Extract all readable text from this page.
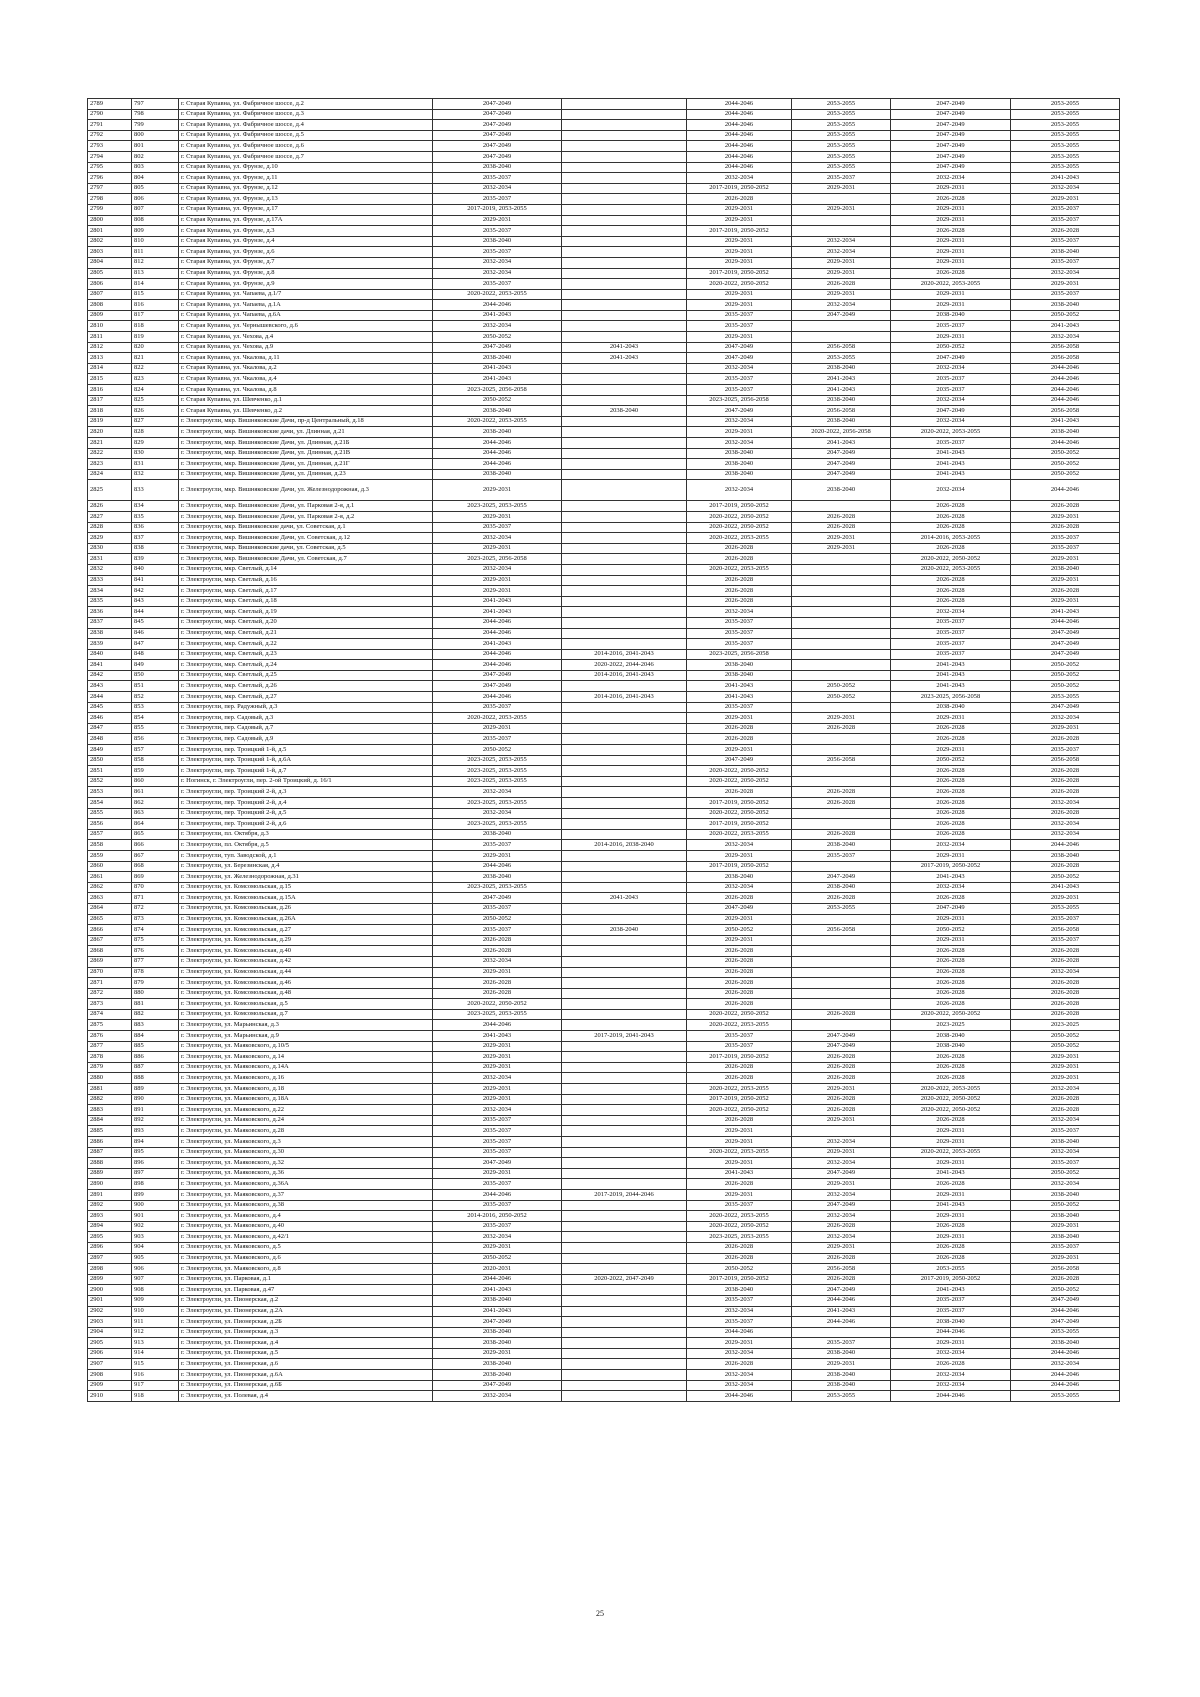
2789	797	г. Старая Купавна, ул. Фабричное шоссе, д.2	2047-2049		2044-2046	2053-2055	2047-2049	2053-2055
2790	798	г. Старая Купавна, ул. Фабричное шоссе, д.3	2047-2049		2044-2046	2053-2055	2047-2049	2053-2055
2791	799	г. Старая Купавна, ул. Фабричное шоссе, д.4	2047-2049		2044-2046	2053-2055	2047-2049	2053-2055
2792	800	г. Старая Купавна, ул. Фабричное шоссе, д.5	2047-2049		2044-2046	2053-2055	2047-2049	2053-2055
2793	801	г. Старая Купавна, ул. Фабричное шоссе, д.6	2047-2049		2044-2046	2053-2055	2047-2049	2053-2055
2794	802	г. Старая Купавна, ул. Фабричное шоссе, д.7	2047-2049		2044-2046	2053-2055	2047-2049	2053-2055
2795	803	г. Старая Купавна, ул. Фрунзе, д.10	2038-2040		2044-2046	2053-2055	2047-2049	2053-2055
2796	804	г. Старая Купавна, ул. Фрунзе, д.11	2035-2037		2032-2034	2035-2037	2032-2034	2041-2043
2797	805	г. Старая Купавна, ул. Фрунзе, д.12	2032-2034		2017-2019, 2050-2052	2029-2031	2029-2031	2032-2034
2798	806	г. Старая Купавна, ул. Фрунзе, д.13	2035-2037		2026-2028		2026-2028	2029-2031
2799	807	г. Старая Купавна, ул. Фрунзе, д.17	2017-2019, 2053-2055		2029-2031	2029-2031	2029-2031	2035-2037
2800	808	г. Старая Купавна, ул. Фрунзе, д.17А	2029-2031		2029-2031		2029-2031	2035-2037
2801	809	г. Старая Купавна, ул. Фрунзе, д.3	2035-2037		2017-2019, 2050-2052		2026-2028	2026-2028
2802	810	г. Старая Купавна, ул. Фрунзе, д.4	2038-2040		2029-2031	2032-2034	2029-2031	2035-2037
2803	811	г. Старая Купавна, ул. Фрунзе, д.6	2035-2037		2029-2031	2032-2034	2029-2031	2038-2040
2804	812	г. Старая Купавна, ул. Фрунзе, д.7	2032-2034		2029-2031	2029-2031	2029-2031	2035-2037
2805	813	г. Старая Купавна, ул. Фрунзе, д.8	2032-2034		2017-2019, 2050-2052	2029-2031	2026-2028	2032-2034
2806	814	г. Старая Купавна, ул. Фрунзе, д.9	2035-2037		2020-2022, 2050-2052	2026-2028	2020-2022, 2053-2055	2029-2031
2807	815	г. Старая Купавна, ул. Чапаева, д.1/7	2020-2022, 2053-2055		2029-2031	2029-2031	2029-2031	2035-2037
2808	816	г. Старая Купавна, ул. Чапаева, д.1А	2044-2046		2029-2031	2032-2034	2029-2031	2038-2040
2809	817	г. Старая Купавна, ул. Чапаева, д.6А	2041-2043		2035-2037	2047-2049	2038-2040	2050-2052
2810	818	г. Старая Купавна, ул. Чернышевского, д.6	2032-2034		2035-2037		2035-2037	2041-2043
2811	819	г. Старая Купавна, ул. Чехова, д.4	2050-2052		2029-2031		2029-2031	2032-2034
2812	820	г. Старая Купавна, ул. Чехова, д.9	2047-2049	2041-2043	2047-2049	2056-2058	2050-2052	2056-2058
2813	821	г. Старая Купавна, ул. Чкалова, д.11	2038-2040	2041-2043	2047-2049	2053-2055	2047-2049	2056-2058
2814	822	г. Старая Купавна, ул. Чкалова, д.2	2041-2043		2032-2034	2038-2040	2032-2034	2044-2046
2815	823	г. Старая Купавна, ул. Чкалова, д.4	2041-2043		2035-2037	2041-2043	2035-2037	2044-2046
2816	824	г. Старая Купавна, ул. Чкалова, д.8	2023-2025, 2056-2058		2035-2037	2041-2043	2035-2037	2044-2046
2817	825	г. Старая Купавна, ул. Шевченко, д.1	2050-2052		2023-2025, 2056-2058	2038-2040	2032-2034	2044-2046
2818	826	г. Старая Купавна, ул. Шевченко, д.2	2038-2040	2038-2040	2047-2049	2056-2058	2047-2049	2056-2058
2819	827	г. Электроугли, мкр. Вишняковские Дачи, пр-д Центральный, д.18	2020-2022, 2053-2055		2032-2034	2038-2040	2032-2034	2041-2043
2820	828	г. Электроугли, мкр. Вишняковские дачи, ул. Длинная, д.21	2038-2040		2029-2031	2020-2022, 2056-2058	2020-2022, 2053-2055	2038-2040
2821	829	г. Электроугли, мкр. Вишняковские Дачи, ул. Длинная, д.21Б	2044-2046		2032-2034	2041-2043	2035-2037	2044-2046
2822	830	г. Электроугли, мкр. Вишняковские Дачи, ул. Длинная, д.21В	2044-2046		2038-2040	2047-2049	2041-2043	2050-2052
2823	831	г. Электроугли, мкр. Вишняковские Дачи, ул. Длинная, д.21Г	2044-2046		2038-2040	2047-2049	2041-2043	2050-2052
2824	832	г. Электроугли, мкр. Вишняковские Дачи, ул. Длинная, д.23	2038-2040		2038-2040	2047-2049	2041-2043	2050-2052
2825	833	г. Электроугли, мкр. Вишняковские Дачи, ул. Железнодорожная, д.3	2029-2031		2032-2034	2038-2040	2032-2034	2044-2046
2826	834	г. Электроугли, мкр. Вишняковские Дачи, ул. Парковая 2-я, д.1	2023-2025, 2053-2055		2017-2019, 2050-2052		2026-2028	2026-2028
2827	835	г. Электроугли, мкр. Вишняковские Дачи, ул. Парковая 2-я, д.2	2029-2031		2020-2022, 2050-2052	2026-2028	2026-2028	2029-2031
2828	836	г. Электроугли, мкр. Вишняковские дачи, ул. Советская, д.1	2035-2037		2020-2022, 2050-2052	2026-2028	2026-2028	2026-2028
2829	837	г. Электроугли, мкр. Вишняковские Дачи, ул. Советская, д.12	2032-2034		2020-2022, 2053-2055	2029-2031	2014-2016, 2053-2055	2035-2037
2830	838	г. Электроугли, мкр. Вишняковские дачи, ул. Советская, д.5	2029-2031		2026-2028	2029-2031	2026-2028	2035-2037
2831	839	г. Электроугли, мкр. Вишняковские Дачи, ул. Советская, д.7	2023-2025, 2056-2058		2026-2028		2020-2022, 2050-2052	2029-2031
2832	840	г. Электроугли, мкр. Светлый, д.14	2032-2034		2020-2022, 2053-2055		2020-2022, 2053-2055	2038-2040
2833	841	г. Электроугли, мкр. Светлый, д.16	2029-2031		2026-2028		2026-2028	2029-2031
2834	842	г. Электроугли, мкр. Светлый, д.17	2029-2031		2026-2028		2026-2028	2026-2028
2835	843	г. Электроугли, мкр. Светлый, д.18	2041-2043		2026-2028		2026-2028	2029-2031
2836	844	г. Электроугли, мкр. Светлый, д.19	2041-2043		2032-2034		2032-2034	2041-2043
2837	845	г. Электроугли, мкр. Светлый, д.20	2044-2046		2035-2037		2035-2037	2044-2046
2838	846	г. Электроугли, мкр. Светлый, д.21	2044-2046		2035-2037		2035-2037	2047-2049
2839	847	г. Электроугли, мкр. Светлый, д.22	2041-2043		2035-2037		2035-2037	2047-2049
2840	848	г. Электроугли, мкр. Светлый, д.23	2044-2046	2014-2016, 2041-2043	2023-2025, 2056-2058		2035-2037	2047-2049
2841	849	г. Электроугли, мкр. Светлый, д.24	2044-2046	2020-2022, 2044-2046	2038-2040		2041-2043	2050-2052
2842	850	г. Электроугли, мкр. Светлый, д.25	2047-2049	2014-2016, 2041-2043	2038-2040		2041-2043	2050-2052
2843	851	г. Электроугли, мкр. Светлый, д.26	2047-2049		2041-2043	2050-2052	2041-2043	2050-2052
2844	852	г. Электроугли, мкр. Светлый, д.27	2044-2046	2014-2016, 2041-2043	2041-2043	2050-2052	2023-2025, 2056-2058	2053-2055
2845	853	г. Электроугли, пер. Радужный, д.3	2035-2037		2035-2037		2038-2040	2047-2049
2846	854	г. Электроугли, пер. Садовый, д.3	2020-2022, 2053-2055		2029-2031	2029-2031	2029-2031	2032-2034
2847	855	г. Электроугли, пер. Садовый, д.7	2029-2031		2026-2028	2026-2028	2026-2028	2029-2031
2848	856	г. Электроугли, пер. Садовый, д.9	2035-2037		2026-2028		2026-2028	2026-2028
2849	857	г. Электроугли, пер. Троицкий 1-й, д.5	2050-2052		2029-2031		2029-2031	2035-2037
2850	858	г. Электроугли, пер. Троицкий 1-й, д.6А	2023-2025, 2053-2055		2047-2049	2056-2058	2050-2052	2056-2058
2851	859	г. Электроугли, пер. Троицкий 1-й, д.7	2023-2025, 2053-2055		2020-2022, 2050-2052		2026-2028	2026-2028
2852	860	г. Ногинск, г. Электроугли, пер. 2-ой Троицкий, д. 16/1	2023-2025, 2053-2055		2020-2022, 2050-2052		2026-2028	2026-2028
2853	861	г. Электроугли, пер. Троицкий 2-й, д.3	2032-2034		2026-2028	2026-2028	2026-2028	2026-2028
2854	862	г. Электроугли, пер. Троицкий 2-й, д.4	2023-2025, 2053-2055		2017-2019, 2050-2052	2026-2028	2026-2028	2032-2034
2855	863	г. Электроугли, пер. Троицкий 2-й, д.5	2032-2034		2020-2022, 2050-2052		2026-2028	2026-2028
2856	864	г. Электроугли, пер. Троицкий 2-й, д.6	2023-2025, 2053-2055		2017-2019, 2050-2052		2026-2028	2032-2034
2857	865	г. Электроугли, пл. Октября, д.3	2038-2040		2020-2022, 2053-2055	2026-2028	2026-2028	2032-2034
2858	866	г. Электроугли, пл. Октября, д.5	2035-2037	2014-2016, 2038-2040	2032-2034	2038-2040	2032-2034	2044-2046
2859	867	г. Электроугли, туп. Заводской, д.1	2029-2031		2029-2031	2035-2037	2029-2031	2038-2040
2860	868	г. Электроугли, ул. Березинская, д.4	2044-2046		2017-2019, 2050-2052		2017-2019, 2050-2052	2026-2028
2861	869	г. Электроугли, ул. Железнодорожная, д.31	2038-2040		2038-2040	2047-2049	2041-2043	2050-2052
2862	870	г. Электроугли, ул. Комсомольская, д.15	2023-2025, 2053-2055		2032-2034	2038-2040	2032-2034	2041-2043
2863	871	г. Электроугли, ул. Комсомольская, д.15А	2047-2049	2041-2043	2026-2028	2026-2028	2026-2028	2029-2031
2864	872	г. Электроугли, ул. Комсомольская, д.26	2035-2037		2047-2049	2053-2055	2047-2049	2053-2055
2865	873	г. Электроугли, ул. Комсомольская, д.26А	2050-2052		2029-2031		2029-2031	2035-2037
2866	874	г. Электроугли, ул. Комсомольская, д.27	2035-2037	2038-2040	2050-2052	2056-2058	2050-2052	2056-2058
2867	875	г. Электроугли, ул. Комсомольская, д.29	2026-2028		2029-2031		2029-2031	2035-2037
2868	876	г. Электроугли, ул. Комсомольская, д.40	2026-2028		2026-2028		2026-2028	2026-2028
2869	877	г. Электроугли, ул. Комсомольская, д.42	2032-2034		2026-2028		2026-2028	2026-2028
2870	878	г. Электроугли, ул. Комсомольская, д.44	2029-2031		2026-2028		2026-2028	2032-2034
2871	879	г. Электроугли, ул. Комсомольская, д.46	2026-2028		2026-2028		2026-2028	2026-2028
2872	880	г. Электроугли, ул. Комсомольская, д.48	2026-2028		2026-2028		2026-2028	2026-2028
2873	881	г. Электроугли, ул. Комсомольская, д.5	2020-2022, 2050-2052		2026-2028		2026-2028	2026-2028
2874	882	г. Электроугли, ул. Комсомольская, д.7	2023-2025, 2053-2055		2020-2022, 2050-2052	2026-2028	2020-2022, 2050-2052	2026-2028
2875	883	г. Электроугли, ул. Марьинская, д.3	2044-2046		2020-2022, 2053-2055		2023-2025	2023-2025
2876	884	г. Электроугли, ул. Марьинская, д.9	2041-2043	2017-2019, 2041-2043	2035-2037	2047-2049	2038-2040	2050-2052
2877	885	г. Электроугли, ул. Маяковского, д.10/5	2029-2031		2035-2037	2047-2049	2038-2040	2050-2052
2878	886	г. Электроугли, ул. Маяковского, д.14	2029-2031		2017-2019, 2050-2052	2026-2028	2026-2028	2029-2031
2879	887	г. Электроугли, ул. Маяковского, д.14А	2029-2031		2026-2028	2026-2028	2026-2028	2029-2031
2880	888	г. Электроугли, ул. Маяковского, д.16	2032-2034		2026-2028	2026-2028	2026-2028	2029-2031
2881	889	г. Электроугли, ул. Маяковского, д.18	2029-2031		2020-2022, 2053-2055	2029-2031	2020-2022, 2053-2055	2032-2034
2882	890	г. Электроугли, ул. Маяковского, д.18А	2029-2031		2017-2019, 2050-2052	2026-2028	2020-2022, 2050-2052	2026-2028
2883	891	г. Электроугли, ул. Маяковского, д.22	2032-2034		2020-2022, 2050-2052	2026-2028	2020-2022, 2050-2052	2026-2028
2884	892	г. Электроугли, ул. Маяковского, д.24	2035-2037		2026-2028	2029-2031	2026-2028	2032-2034
2885	893	г. Электроугли, ул. Маяковского, д.28	2035-2037		2029-2031		2029-2031	2035-2037
2886	894	г. Электроугли, ул. Маяковского, д.3	2035-2037		2029-2031	2032-2034	2029-2031	2038-2040
2887	895	г. Электроугли, ул. Маяковского, д.30	2035-2037		2020-2022, 2053-2055	2029-2031	2020-2022, 2053-2055	2032-2034
2888	896	г. Электроугли, ул. Маяковского, д.32	2047-2049		2029-2031	2032-2034	2029-2031	2035-2037
2889	897	г. Электроугли, ул. Маяковского, д.36	2029-2031		2041-2043	2047-2049	2041-2043	2050-2052
2890	898	г. Электроугли, ул. Маяковского, д.36А	2035-2037		2026-2028	2029-2031	2026-2028	2032-2034
2891	899	г. Электроугли, ул. Маяковского, д.37	2044-2046	2017-2019, 2044-2046	2029-2031	2032-2034	2029-2031	2038-2040
2892	900	г. Электроугли, ул. Маяковского, д.38	2035-2037		2035-2037	2047-2049	2041-2043	2050-2052
2893	901	г. Электроугли, ул. Маяковского, д.4	2014-2016, 2050-2052		2020-2022, 2053-2055	2032-2034	2029-2031	2038-2040
2894	902	г. Электроугли, ул. Маяковского, д.40	2035-2037		2020-2022, 2050-2052	2026-2028	2026-2028	2029-2031
2895	903	г. Электроугли, ул. Маяковского, д.42/1	2032-2034		2023-2025, 2053-2055	2032-2034	2029-2031	2038-2040
2896	904	г. Электроугли, ул. Маяковского, д.5	2029-2031		2026-2028	2029-2031	2026-2028	2035-2037
2897	905	г. Электроугли, ул. Маяковского, д.6	2050-2052		2026-2028	2026-2028	2026-2028	2029-2031
2898	906	г. Электроугли, ул. Маяковского, д.8	2020-2031		2050-2052	2056-2058	2053-2055	2056-2058
2899	907	г. Электроугли, ул. Парковая, д.1	2044-2046	2020-2022, 2047-2049	2017-2019, 2050-2052	2026-2028	2017-2019, 2050-2052	2026-2028
2900	908	г. Электроугли, ул. Парковая, д.47	2041-2043		2038-2040	2047-2049	2041-2043	2050-2052
2901	909	г. Электроугли, ул. Пионерская, д.2	2038-2040		2035-2037	2044-2046	2035-2037	2047-2049
2902	910	г. Электроугли, ул. Пионерская, д.2А	2041-2043		2032-2034	2041-2043	2035-2037	2044-2046
2903	911	г. Электроугли, ул. Пионерская, д.2Б	2047-2049		2035-2037	2044-2046	2038-2040	2047-2049
2904	912	г. Электроугли, ул. Пионерская, д.3	2038-2040		2044-2046		2044-2046	2053-2055
2905	913	г. Электроугли, ул. Пионерская, д.4	2038-2040		2029-2031	2035-2037	2029-2031	2038-2040
2906	914	г. Электроугли, ул. Пионерская, д.5	2029-2031		2032-2034	2038-2040	2032-2034	2044-2046
2907	915	г. Электроугли, ул. Пионерская, д.6	2038-2040		2026-2028	2029-2031	2026-2028	2032-2034
2908	916	г. Электроугли, ул. Пионерская, д.6А	2038-2040		2032-2034	2038-2040	2032-2034	2044-2046
2909	917	г. Электроугли, ул. Пионерская, д.6Б	2047-2049		2032-2034	2038-2040	2032-2034	2044-2046
2910	918	г. Электроугли, ул. Полевая, д.4	2032-2034		2044-2046	2053-2055	2044-2046	2053-2055
25
